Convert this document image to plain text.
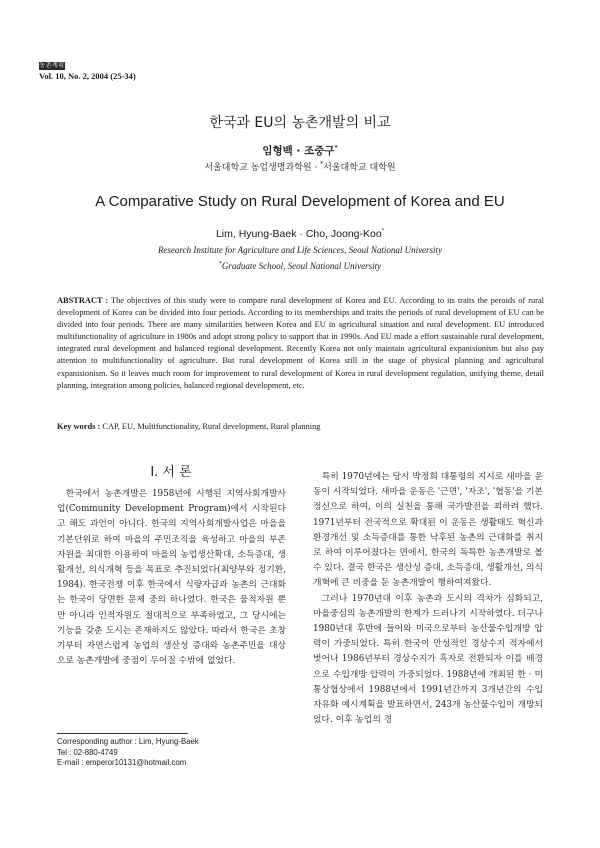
농촌계획
Vol. 10, No. 2, 2004 (25-34)
한국과 EU의 농촌개발의 비교
임형백 · 조중구*
서울대학교 농업생명과학원 · *서울대학교 대학원
A Comparative Study on Rural Development of Korea and EU
Lim, Hyung-Baek · Cho, Joong-Koo*
Research Institute for Agriculture and Life Sciences, Seoul National University
*Graduate School, Seoul National University
ABSTRACT : The objectives of this study were to compare rural development of Korea and EU. According to its traits the peroids of rural development of Korea can be divided into four periods. According to its memberships and traits the periods of rural development of EU can be divided into four periods. There are many similarities between Korea and EU in agricultural situation and rural development. EU introduced multifunctionality of agriculture in 1980s and adopt strong policy to support that in 1990s. And EU made a effort sustainable rural development, integrated rural development and balanced regional development. Recently Korea not only maintain agricultural expanisionism but also pay attention to multifunctionality of agriculture. But rural development of Korea still in the stage of physical planning and agricultural expanisionism. So it leaves much room for improvement to rural development of Korea in rural development regulation, unifying theme, detail planning, integration among policies, balanced regional development, etc.
Key words : CAP, EU, Multifunctionality, Rural development, Rural planning
Ⅰ. 서 론

한국에서 농촌개발은 1958년에 시행된 지역사회개발사업(Community Development Program)에서 시작된다고 해도 과언이 아니다. 한국의 지역사회개발사업은 마을을 기본단위로 하여 마을의 주민조직을 육성하고 마을의 부존자원을 최대한 이용하여 마을의 농업생산확대, 소득증대, 생활개선, 의식개혁 등을 목표로 추진되었다(최양부와 정기환, 1984). 한국전쟁 이후 한국에서 식량자급과 농촌의 근대화는 한국이 당면한 문제 중의 하나였다. 한국은 물적자원 뿐만 아니라 인적자원도 절대적으로 부족하였고, 그 당시에는 기능을 갖춘 도시는 존재하지도 않았다. 따라서 한국은 초창기부터 자연스럽게 농업의 생산성 증대와 농촌주민을 대상으로 농촌개발에 중점이 두어질 수밖에 없었다.

특히 1970년에는 당시 박정희 대통령의 지시로 새마을 운동이 시작되었다. 새마을 운동은 '근면', '자조', '협동'을 기본정신으로 하여, 이의 실천을 통해 국가발전을 꾀하려 했다. 1971년부터 전국적으로 확대된 이 운동은 생활태도 혁신과 환경개선 및 소득증대를 통한 낙후된 농촌의 근대화를 취지로 하여 이루어졌다는 면에서, 한국의 독특한 농촌개발로 볼 수 있다. 결국 한국은 생산성 증대, 소득증대, 생활개선, 의식개혁에 큰 비중을 둔 농촌개발이 행하여져왔다.

그러나 1970년대 이후 농촌과 도시의 격차가 심화되고, 마을중심의 농촌개발의 한계가 드러나기 시작하였다. 더구나 1980년대 후반에 들어와 미국으로부터 농산물수입개방 압력이 가중되었다. 특히 한국이 만성적인 경상수지 적자에서 벗어나 1986년부터 경상수지가 흑자로 전환되자 이를 배경으로 수입개방 압력이 가중되었다. 1988년에 개최된 한 · 미통상협상에서 1988년에서 1991년간까지 3개년간의 수입자유화 예시계획을 발표하면서, 243개 농산물수입이 개방되었다. 이후 농업의 경

Corresponding author : Lim, Hyung-Baek
Tel : 02-880-4749
E-mail : emperor10131@hotmail.com
